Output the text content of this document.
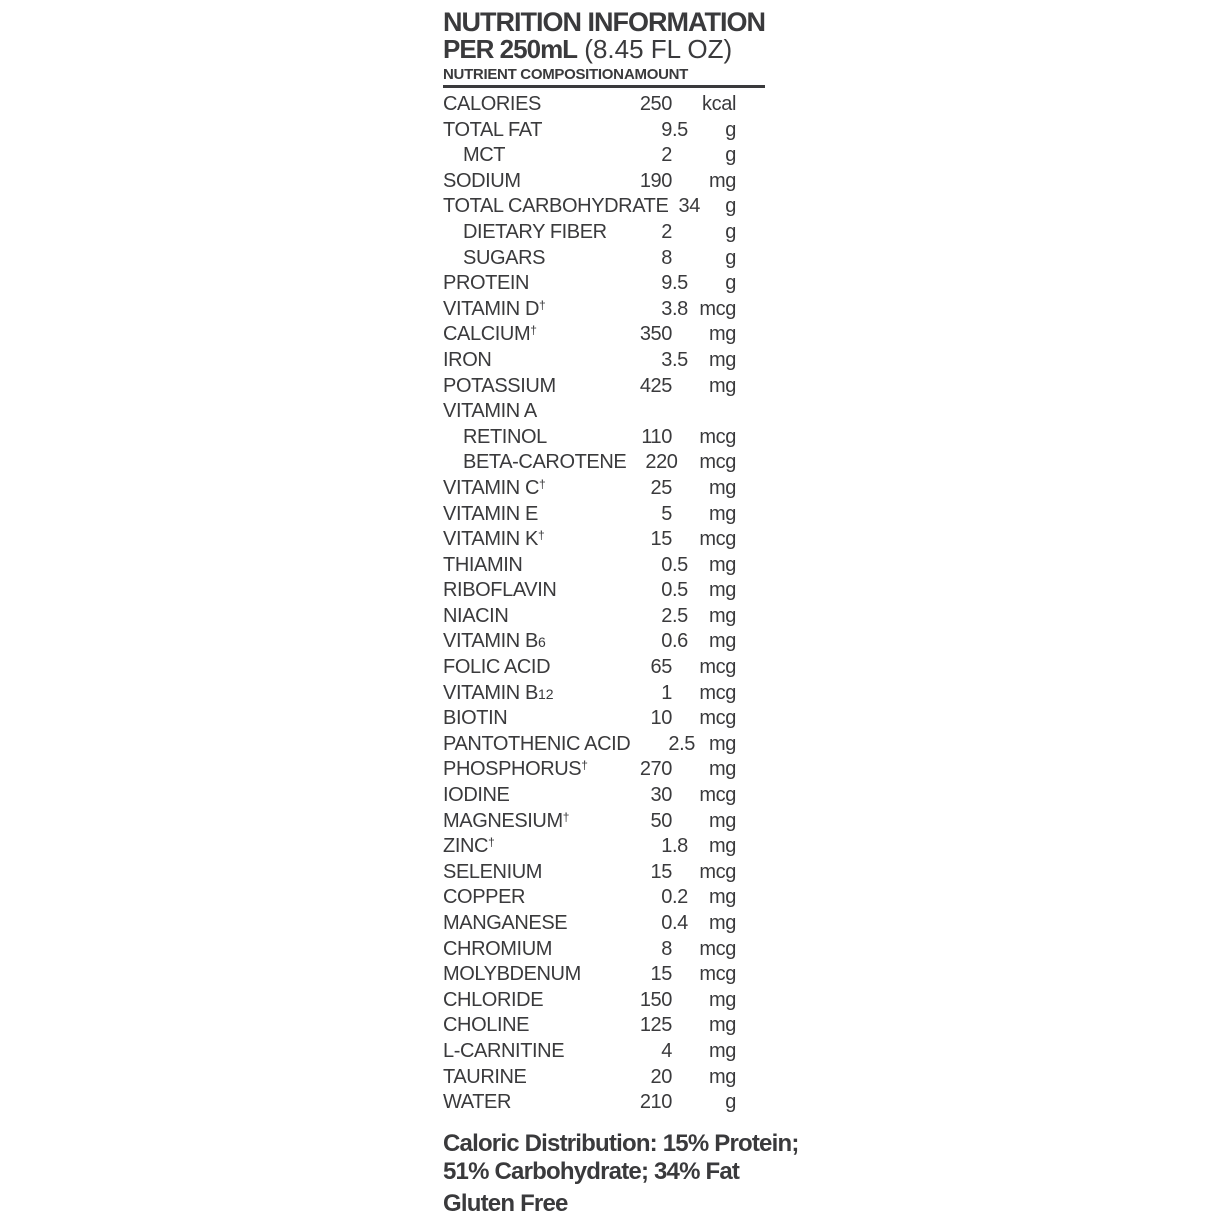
NUTRITION INFORMATION
PER 250mL (8.45 FL OZ)
NUTRIENT COMPOSITION AMOUNT
CALORIES	250	kcal
TOTAL FAT	9 .5	g
MCT	2	g
SODIUM	190	mg
TOTAL CARBOHYDRATE 34	g
DIETARY FIBER	2	g
SUGARS	8	g
PROTEIN	9 .5	g
VITAMIN D†	3 .8 mcg
CALCIUM†	350	mg
IRON	3 .5	mg
POTASSIUM	425	mg
VITAMIN A
RETINOL	110	mcg
BETA-CAROTENE 220	mcg
VITAMIN C†	25	mg
VITAMIN E	5	mg
VITAMIN K†	15	mcg
THIAMIN	0 .5	mg
RIBOFLAVIN	0 .5	mg
NIACIN	2 .5	mg
VITAMIN B6	0 .6	mg
FOLIC ACID	65	mcg
VITAMIN B12	1	mcg
BIOTIN	10	mcg
PANTOTHENIC ACID	2 .5 mg
PHOSPHORUS†	270	mg
IODINE	30	mcg
MAGNESIUM†	50	mg
ZINC†	1 .8	mg
SELENIUM	15	mcg
COPPER	0 .2	mg
MANGANESE	0 .4	mg
CHROMIUM	8	mcg
MOLYBDENUM	15	mcg
CHLORIDE	150	mg
CHOLINE	125	mg
L-CARNITINE	4	mg
TAURINE	20	mg
WATER	210	g
Caloric Distribution: 15% Protein;
51% Carbohydrate; 34% Fat
Gluten Free
